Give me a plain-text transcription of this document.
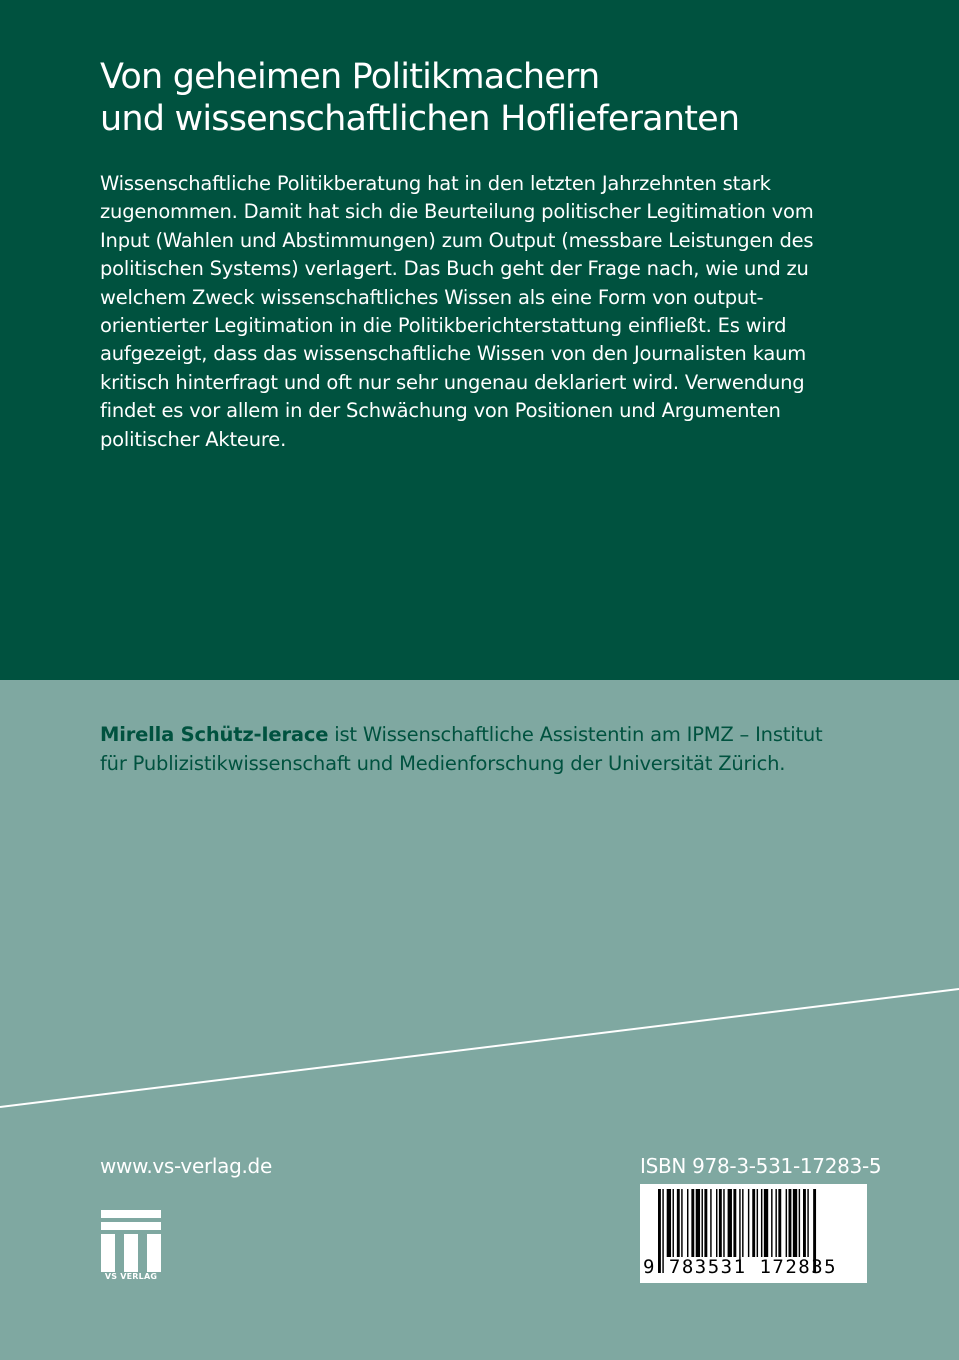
Von geheimen Politikmachern
und wissenschaftlichen Hoflieferanten
Wissenschaftliche Politikberatung hat in den letzten Jahrzehnten stark
zugenommen. Damit hat sich die Beurteilung politischer Legitimation vom
Input (Wahlen und Abstimmungen) zum Output (messbare Leistungen des
politischen Systems) verlagert. Das Buch geht der Frage nach, wie und zu
welchem Zweck wissenschaftliches Wissen als eine Form von output-
orientierter Legitimation in die Politikberichterstattung einfließt. Es wird
aufgezeigt, dass das wissenschaftliche Wissen von den Journalisten kaum
kritisch hinterfragt und oft nur sehr ungenau deklariert wird. Verwendung
findet es vor allem in der Schwächung von Positionen und Argumenten
politischer Akteure.
Mirella Schütz-Ierace ist Wissenschaftliche Assistentin am IPMZ – Institut
für Publizistikwissenschaft und Medienforschung der Universität Zürich.
www.vs-verlag.de
VS VERLAG
ISBN 978-3-531-17283-5
9 783531 172835
